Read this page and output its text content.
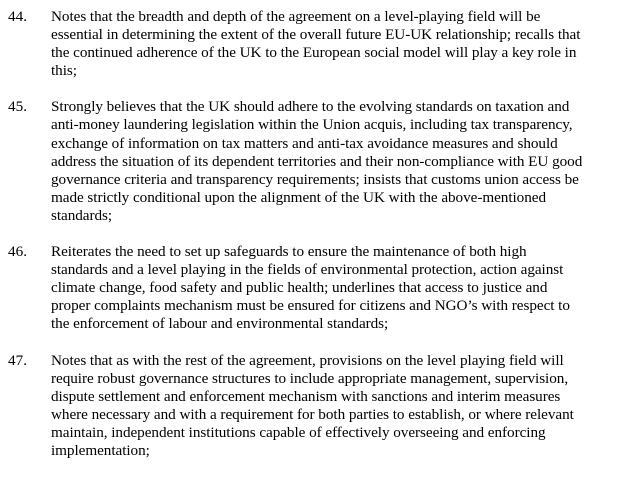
44.	Notes that the breadth and depth of the agreement on a level-playing field will be
essential in determining the extent of the overall future EU-UK relationship; recalls that
the continued adherence of the UK to the European social model will play a key role in
this;
45.	Strongly believes that the UK should adhere to the evolving standards on taxation and
anti-money laundering legislation within the Union acquis, including tax transparency,
exchange of information on tax matters and anti-tax avoidance measures and should
address the situation of its dependent territories and their non-compliance with EU good
governance criteria and transparency requirements; insists that customs union access be
made strictly conditional upon the alignment of the UK with the above-mentioned
standards;
46.	Reiterates the need to set up safeguards to ensure the maintenance of both high
standards and a level playing in the fields of environmental protection, action against
climate change, food safety and public health; underlines that access to justice and
proper complaints mechanism must be ensured for citizens and NGO’s with respect to
the enforcement of labour and environmental standards;
47.	Notes that as with the rest of the agreement, provisions on the level playing field will
require robust governance structures to include appropriate management, supervision,
dispute settlement and enforcement mechanism with sanctions and interim measures
where necessary and with a requirement for both parties to establish, or where relevant
maintain, independent institutions capable of effectively overseeing and enforcing
implementation;
